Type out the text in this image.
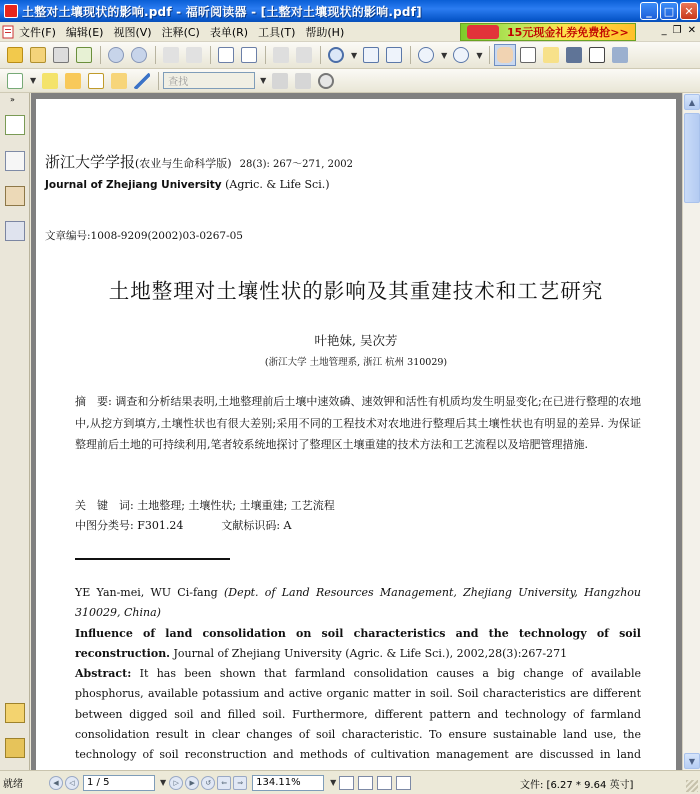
土整对土壤现状的影响.pdf - 福昕阅读器 - [土整对土壤现状的影响.pdf]	_	□ ✕
文件(F) 编辑(E) 视图(V) 注释(C) 表单(R) 工具(T) 帮助(H)	15元现金礼券免费抢>>	_ ❐ ✕
▼	▼	▼
▼	查找	▼
»
浙江大学学报(农业与生命科学版) 28(3): 267～271, 2002
Journal of Zhejiang University (Agric. & Life Sci.)
文章编号:1008-9209(2002)03-0267-05
土地整理对土壤性状的影响及其重建技术和工艺研究
叶艳妹, 吴次芳
(浙江大学 土地管理系, 浙江 杭州 310029)
摘　要: 调查和分析结果表明,土地整理前后土壤中速效磷、速效钾和活性有机质均发生明显变化;在已进行整理的农地中,从挖方到填方,土壤性状也有很大差别;采用不同的工程技术对农地进行整理后其土壤性状也有明显的差异. 为保证整理前后土地的可持续利用,笔者较系统地探讨了整理区土壤重建的技术方法和工艺流程以及培肥管理措施.
关　键　词: 土地整理; 土壤性状; 土壤重建; 工艺流程
中图分类号: F301.24	文献标识码: A
YE Yan-mei, WU Ci-fang (Dept. of Land Resources Management, Zhejiang University, Hangzhou 310029, China)
Influence of land consolidation on soil characteristics and the technology of soil reconstruction. Journal of Zhejiang University (Agric. & Life Sci.), 2002,28(3):267-271
Abstract: It has been shown that farmland consolidation causes a big change of available phosphorus, available potassium and active organic matter in soil. Soil characteristics are different between digged soil and filled soil. Furthermore, different pattern and technology of farmland consolidation result in clear changes of soil characteristic. To ensure sustainable land use, the technology of soil reconstruction and methods of cultivation management are discussed in land
▲
▼
就绪	◀	◁	1 / 5	▼	▷	▶	↺	⇐	⇒	134.11%	▼	文件: [6.27 * 9.64 英寸]
